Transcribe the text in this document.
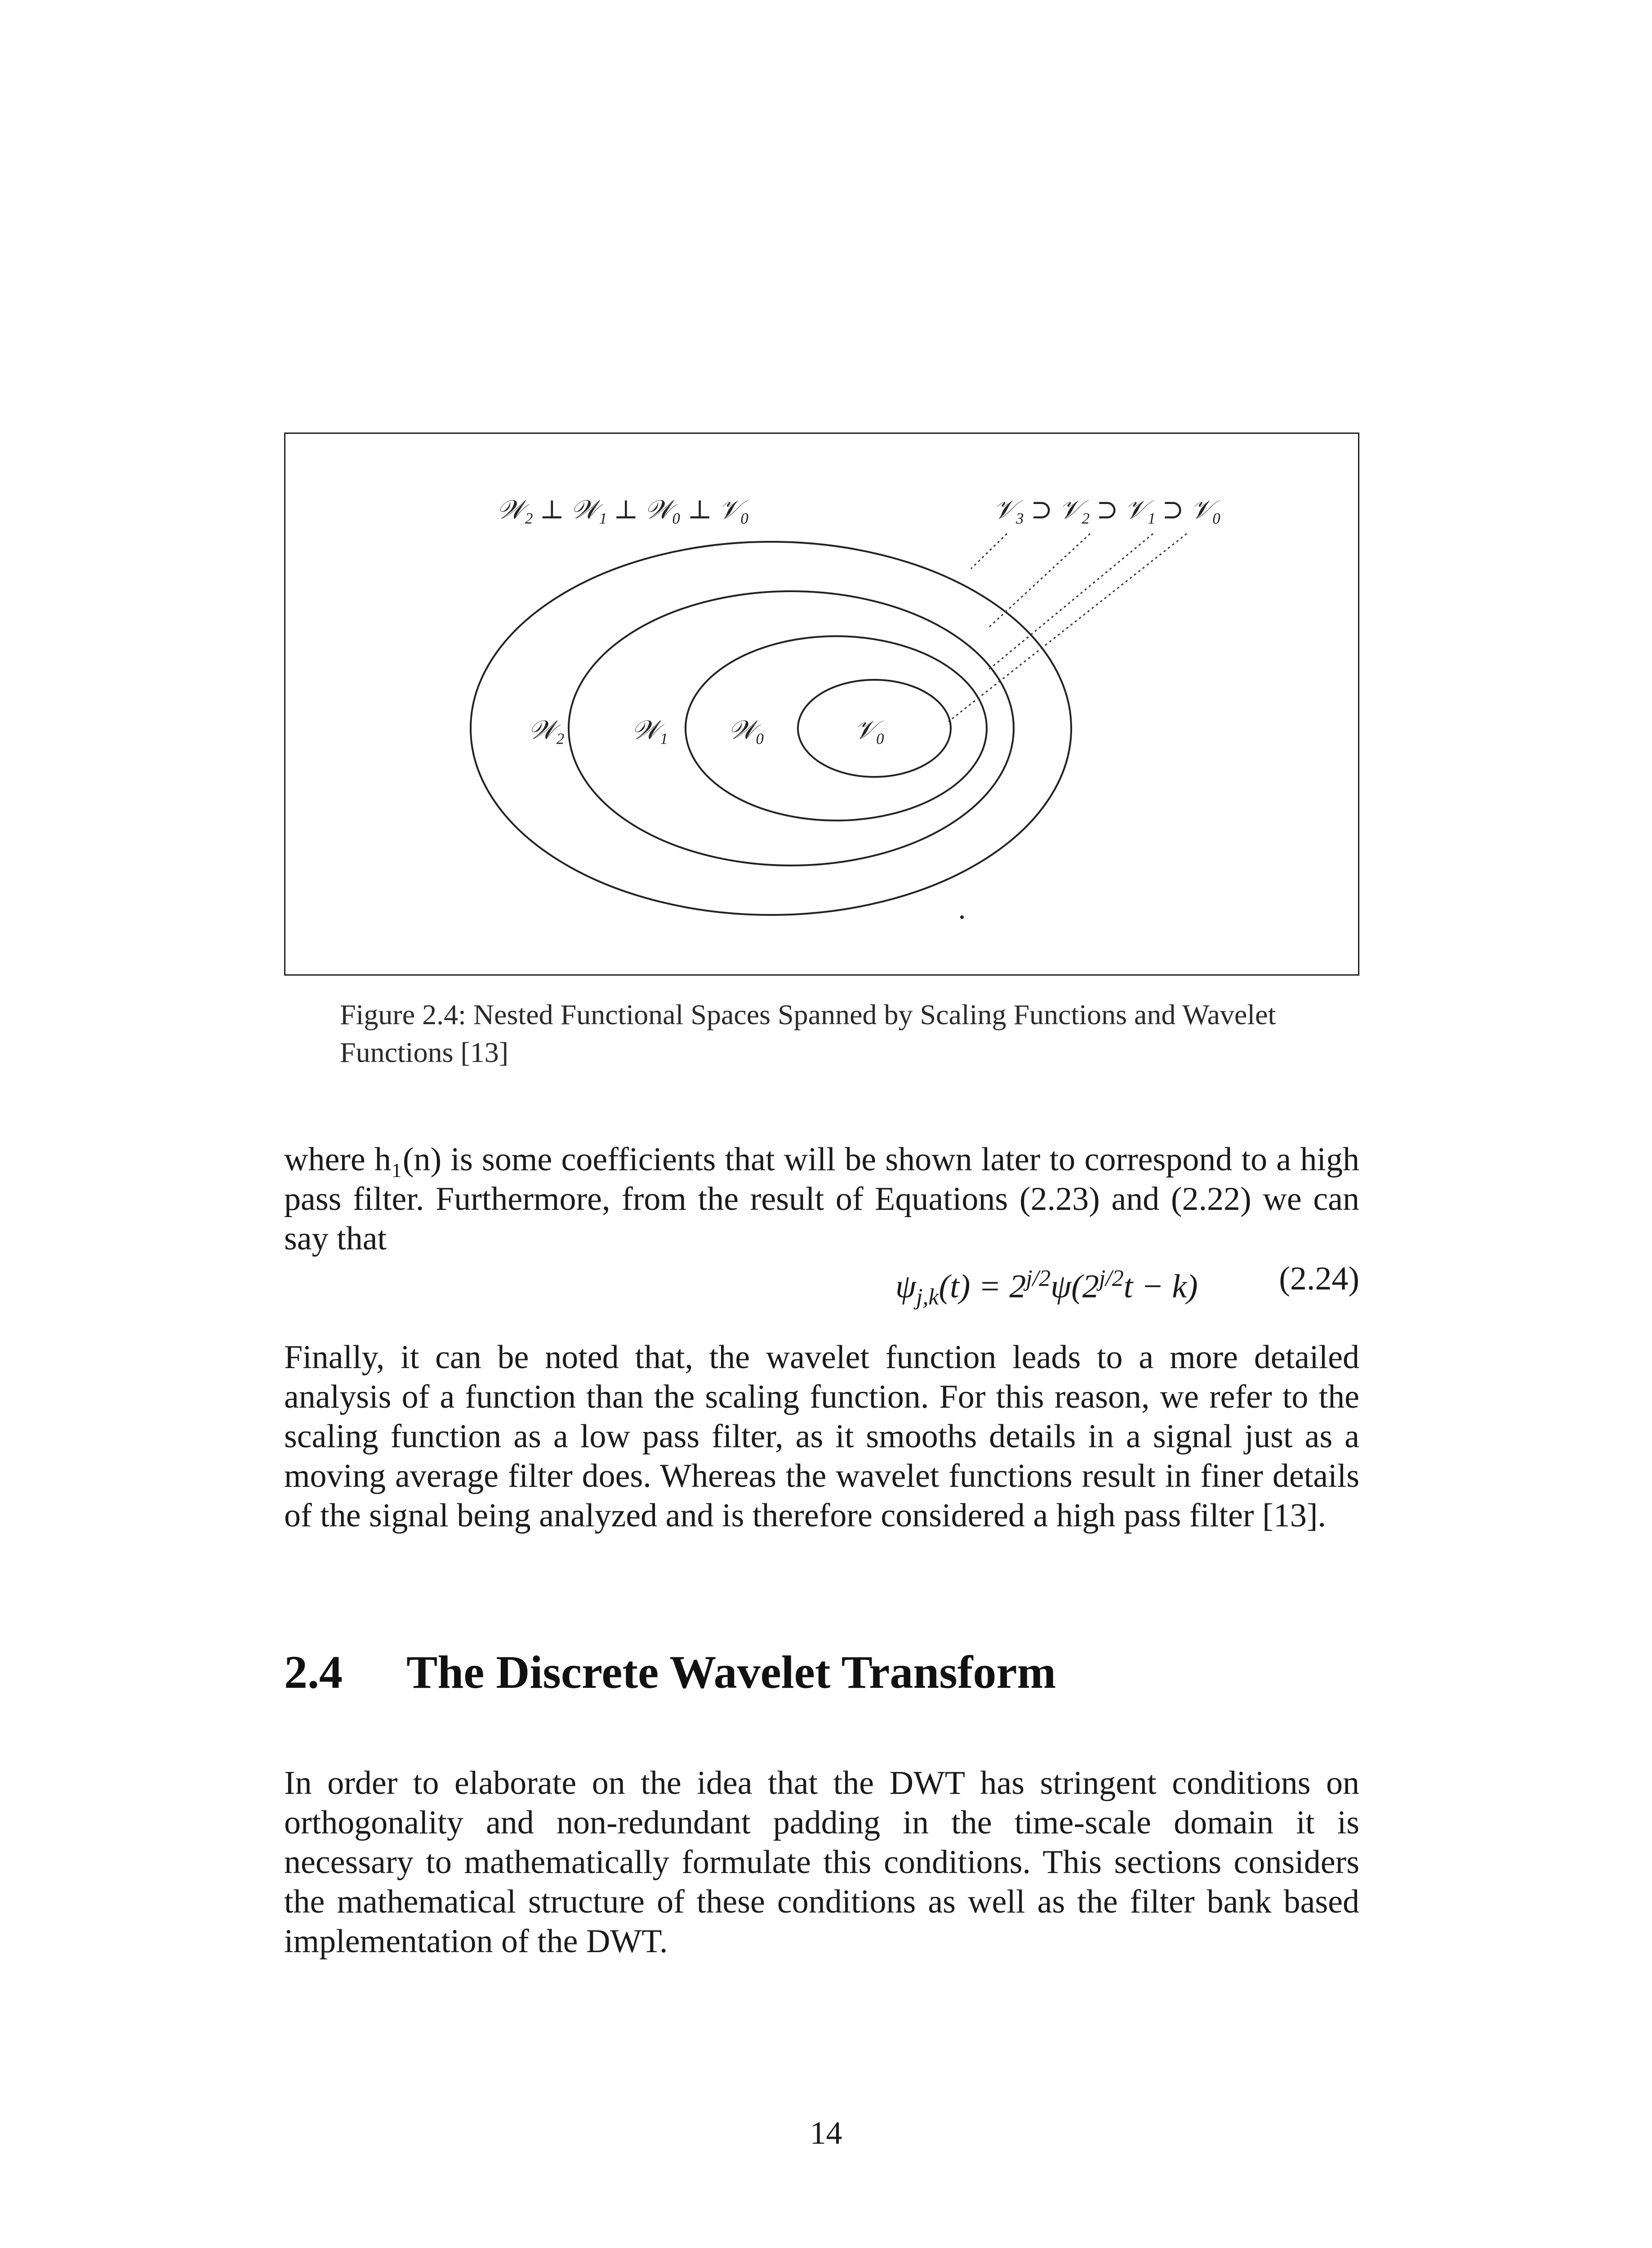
𝒲₂ ⊥ 𝒲₁ ⊥ 𝒲₀ ⊥ 𝒱₀	𝒱₃ ⊃ 𝒱₂ ⊃ 𝒱₁ ⊃ 𝒱₀
𝒲₂	𝒲₁ 𝒲₀	𝒱₀
Figure 2.4: Nested Functional Spaces Spanned by Scaling Functions and Wavelet Functions [13]
where h₁(n) is some coefficients that will be shown later to correspond to a high pass filter. Furthermore, from the result of Equations (2.23) and (2.22) we can say that
$\psi_{j,k}(t) = 2^{j/2}\psi(2^{j/2}t - k)$ (2.24)
Finally, it can be noted that, the wavelet function leads to a more detailed analysis of a function than the scaling function. For this reason, we refer to the scaling function as a low pass filter, as it smooths details in a signal just as a moving average filter does. Whereas the wavelet functions result in finer details of the signal being analyzed and is therefore considered a high pass filter [13].
2.4 The Discrete Wavelet Transform
In order to elaborate on the idea that the DWT has stringent conditions on orthogonality and non-redundant padding in the time-scale domain it is necessary to mathematically formulate this conditions. This sections considers the mathematical structure of these conditions as well as the filter bank based implementation of the DWT.
14
